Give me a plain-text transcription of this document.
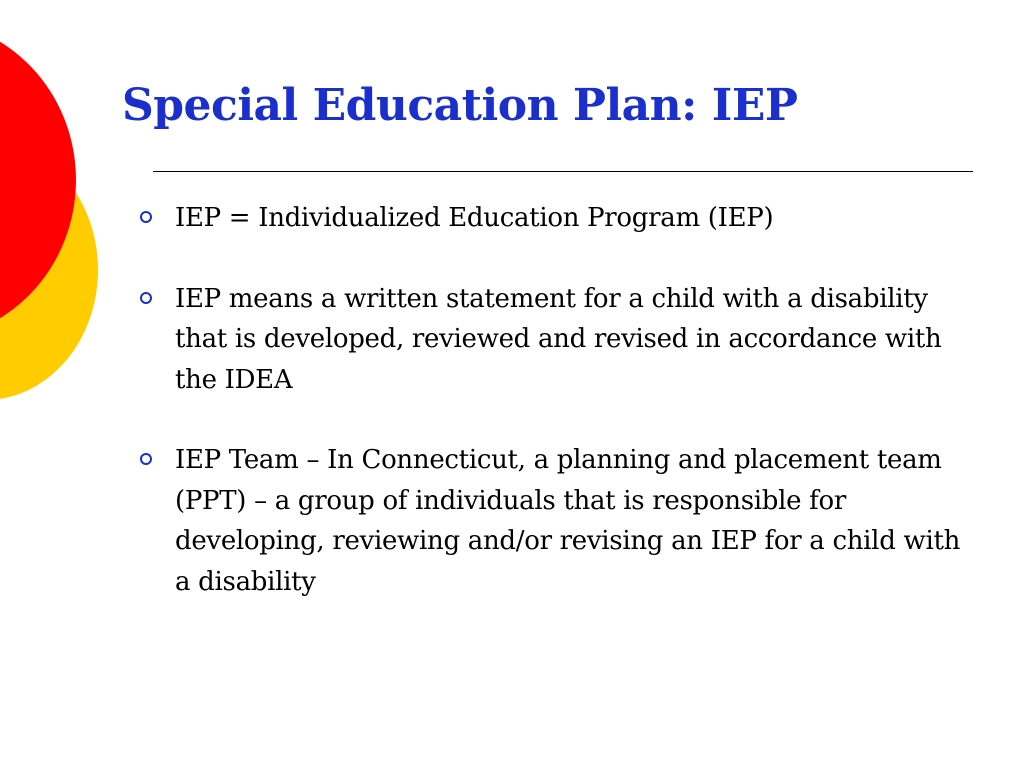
Special Education Plan: IEP
IEP = Individualized Education Program (IEP)
IEP means a written statement for a child with a disability that is developed, reviewed and revised in accordance with the IDEA
IEP Team – In Connecticut, a planning and placement team (PPT) – a group of individuals that is responsible for developing, reviewing and/or revising an IEP for a child with a disability
